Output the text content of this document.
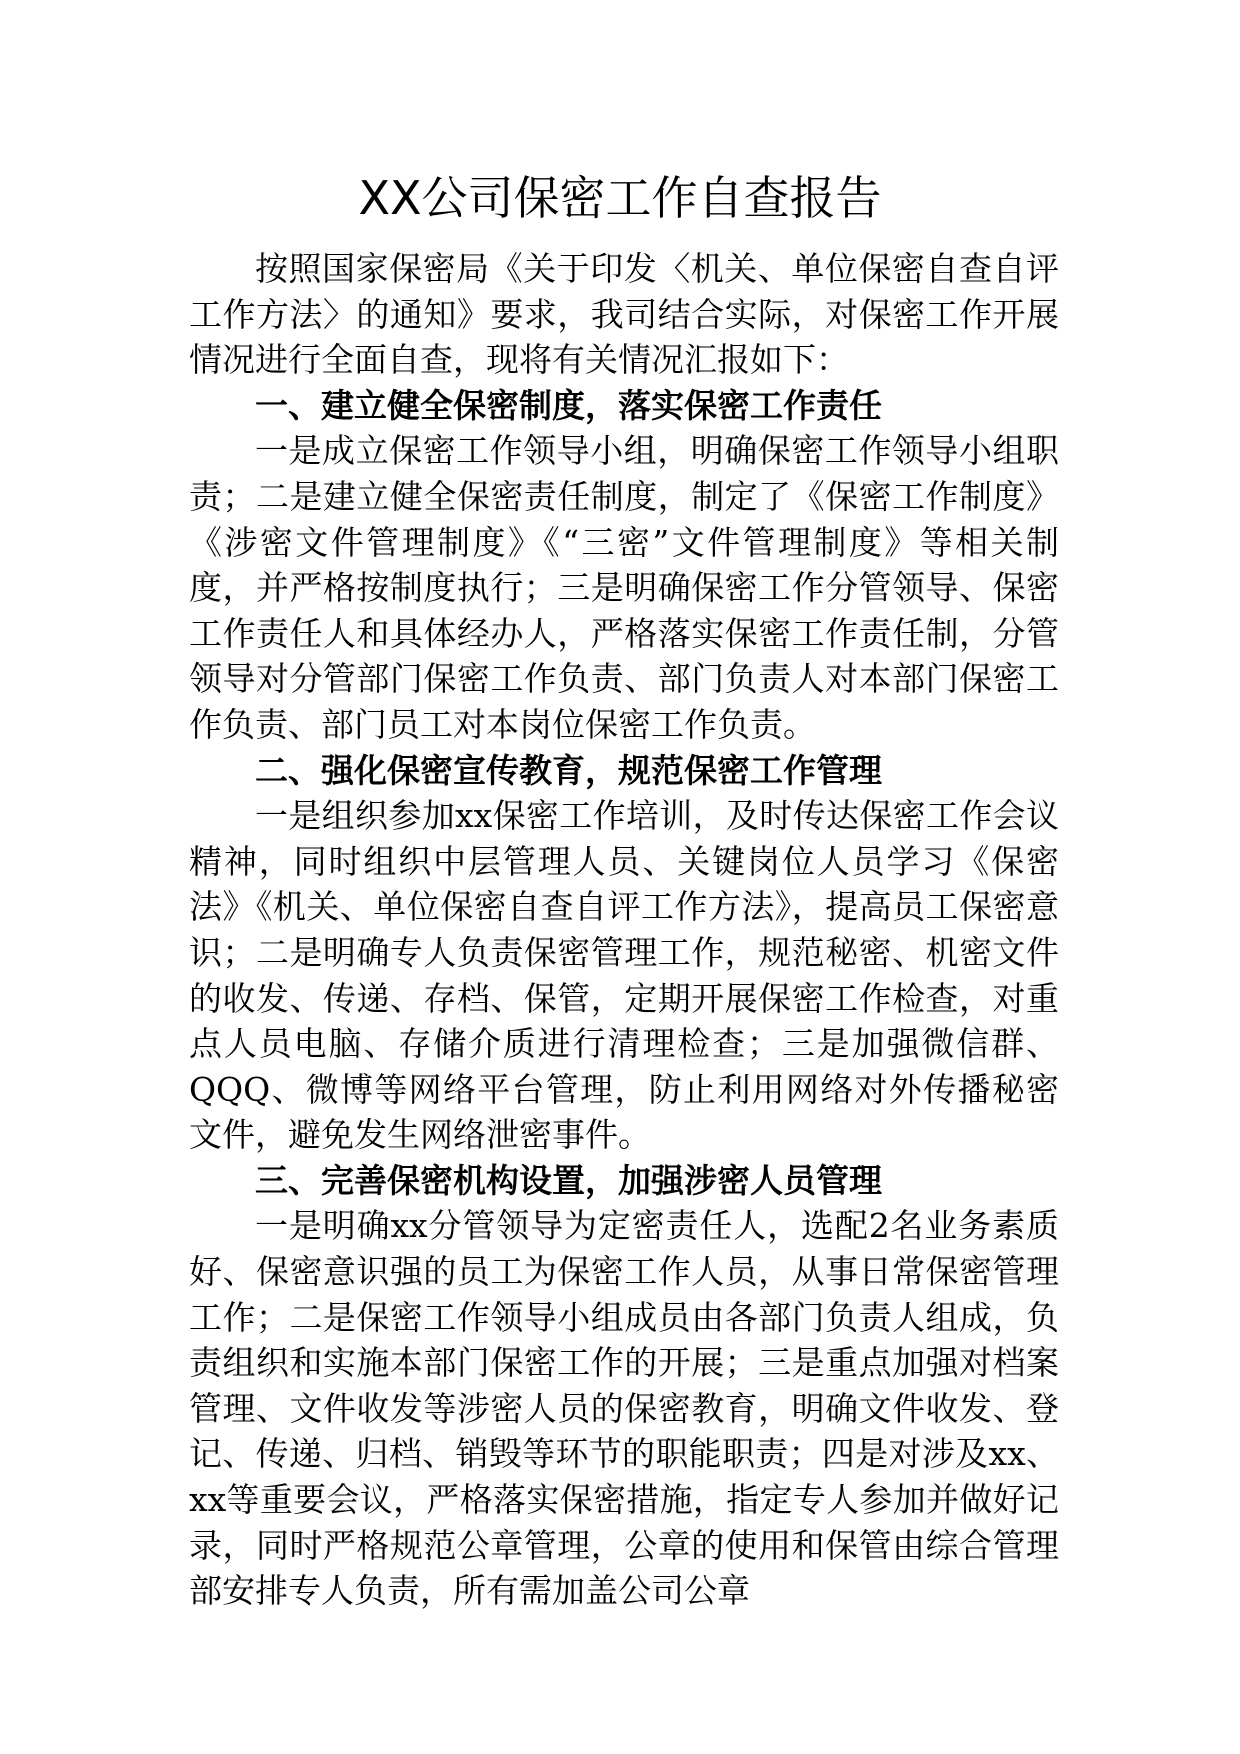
XX公司保密工作自查报告

按照国家保密局《关于印发〈机关、单位保密自查自评工作方法〉的通知》要求，我司结合实际，对保密工作开展情况进行全面自查，现将有关情况汇报如下：

一、建立健全保密制度，落实保密工作责任

一是成立保密工作领导小组，明确保密工作领导小组职责；二是建立健全保密责任制度，制定了《保密工作制度》《涉密文件管理制度》《“三密”文件管理制度》等相关制度，并严格按制度执行；三是明确保密工作分管领导、保密工作责任人和具体经办人，严格落实保密工作责任制，分管领导对分管部门保密工作负责、部门负责人对本部门保密工作负责、部门员工对本岗位保密工作负责。

二、强化保密宣传教育，规范保密工作管理

一是组织参加xx保密工作培训，及时传达保密工作会议精神，同时组织中层管理人员、关键岗位人员学习《保密法》《机关、单位保密自查自评工作方法》，提高员工保密意识；二是明确专人负责保密管理工作，规范秘密、机密文件的收发、传递、存档、保管，定期开展保密工作检查，对重点人员电脑、存储介质进行清理检查；三是加强微信群、QQQ、微博等网络平台管理，防止利用网络对外传播秘密文件，避免发生网络泄密事件。

三、完善保密机构设置，加强涉密人员管理

一是明确xx分管领导为定密责任人，选配2名业务素质好、保密意识强的员工为保密工作人员，从事日常保密管理工作；二是保密工作领导小组成员由各部门负责人组成，负责组织和实施本部门保密工作的开展；三是重点加强对档案管理、文件收发等涉密人员的保密教育，明确文件收发、登记、传递、归档、销毁等环节的职能职责；四是对涉及xx、xx等重要会议，严格落实保密措施，指定专人参加并做好记录，同时严格规范公章管理，公章的使用和保管由综合管理部安排专人负责，所有需加盖公司公章
